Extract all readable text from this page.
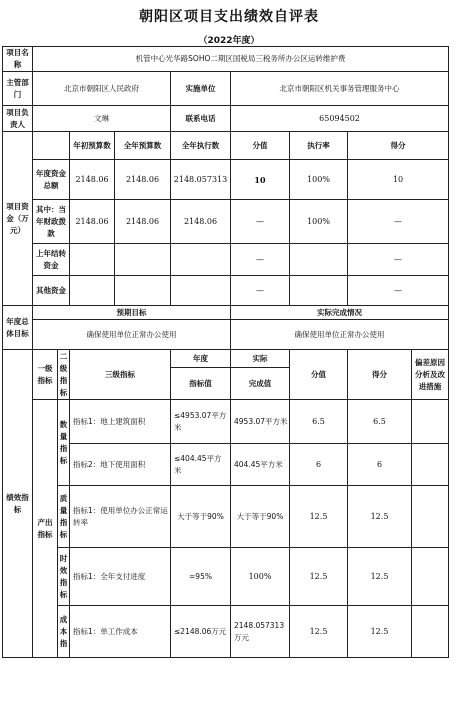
朝阳区项目支出绩效自评表
（2022年度）
项目名称	机管中心光华路SOHO二期区国税局三税务所办公区运转维护费								
主管部门	北京市朝阳区人民政府				实施单位	北京市朝阳区机关事务管理服务中心			
项目负责人	文琳				联系电话	65094502			
项目资金（万元）			年初预算数	全年预算数	全年执行数	分值	执行率	得分	
	年度资金总额		2148.06	2148.06	2148.057313	10	100%	10	
	其中：当年财政拨款		2148.06	2148.06	2148.06	—	100%	—	
	上年结转资金					—		—	
	其他资金					—		—	
年度总体目标	预期目标					实际完成情况			
	确保使用单位正常办公使用					确保使用单位正常办公使用			
绩效指标	一级指标	二级指标	三级指标		年度	实际	分值	得分	偏差原因分析及改进措施
					指标值	完成值			
	产出指标	数量指标	指标1：地上建筑面积		≤4953.07平方米	4953.07平方米	6.5	6.5	
			指标2：地下使用面积		≤404.45平方米	404.45平方米	6	6	
		质量指标	指标1：使用单位办公正常运转率		大于等于90%	大于等于90%	12.5	12.5	
		时效指标	指标1：全年支付进度		=95%	100%	12.5	12.5	
		成本指	指标1：单工作成本		≤2148.06万元	2148.057313万元	12.5	12.5	
